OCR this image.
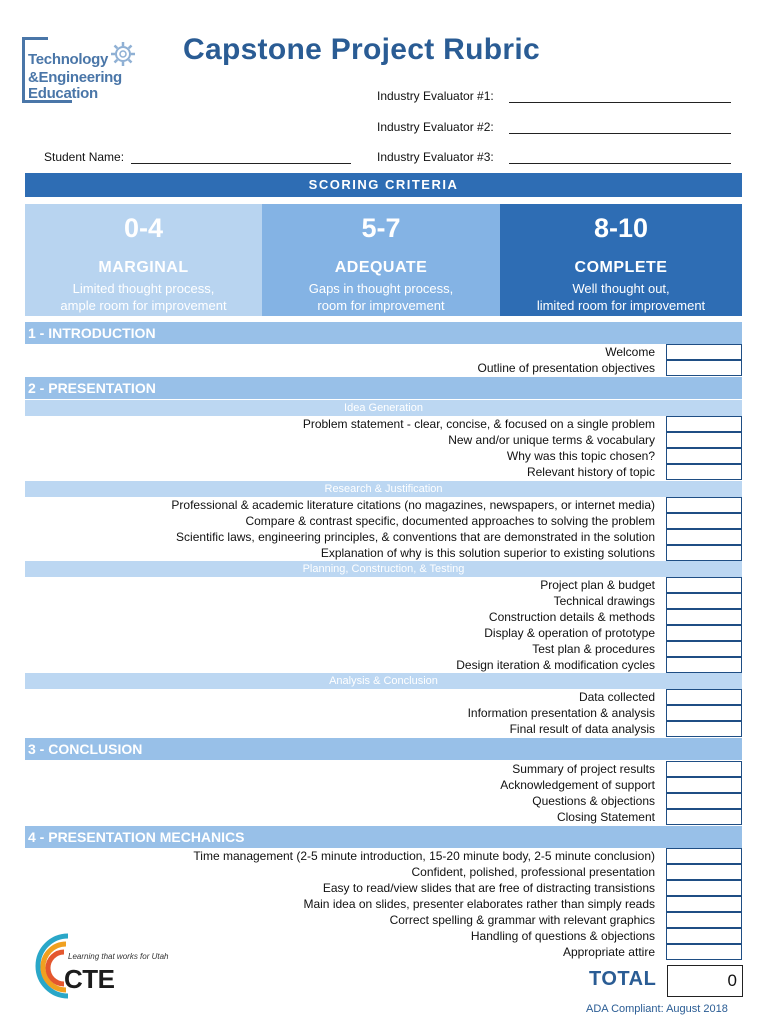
Technology
&Engineering
Education
Capstone Project Rubric
Industry Evaluator #1:
Industry Evaluator #2:
Industry Evaluator #3:
Student Name:
SCORING CRITERIA
0-4
MARGINAL
Limited thought process,
ample room for improvement
5-7
ADEQUATE
Gaps in thought process,
room for improvement
8-10
COMPLETE
Well thought out,
limited room for improvement
1 - INTRODUCTION
Welcome
Outline of presentation objectives
2 - PRESENTATION
Idea Generation
Problem statement - clear, concise, & focused on a single problem
New and/or unique terms & vocabulary
Why was this topic chosen?
Relevant history of topic
Research & Justification
Professional & academic literature citations (no magazines, newspapers, or internet media)
Compare & contrast specific, documented approaches to solving the problem
Scientific laws, engineering principles, & conventions that are demonstrated in the solution
Explanation of why is this solution superior to existing solutions
Planning, Construction, & Testing
Project plan & budget
Technical drawings
Construction details & methods
Display & operation of prototype
Test plan & procedures
Design iteration & modification cycles
Analysis & Conclusion
Data collected
Information presentation & analysis
Final result of data analysis
3 - CONCLUSION
Summary of project results
Acknowledgement of support
Questions & objections
Closing Statement
4 - PRESENTATION MECHANICS
Time management (2-5 minute introduction, 15-20 minute body, 2-5 minute conclusion)
Confident, polished, professional presentation
Easy to read/view slides that are free of distracting transistions
Main idea on slides, presenter elaborates rather than simply reads
Correct spelling & grammar with relevant graphics
Handling of questions & objections
Appropriate attire
Learning that works for Utah
CTE	TOTAL	0
ADA Compliant: August 2018
